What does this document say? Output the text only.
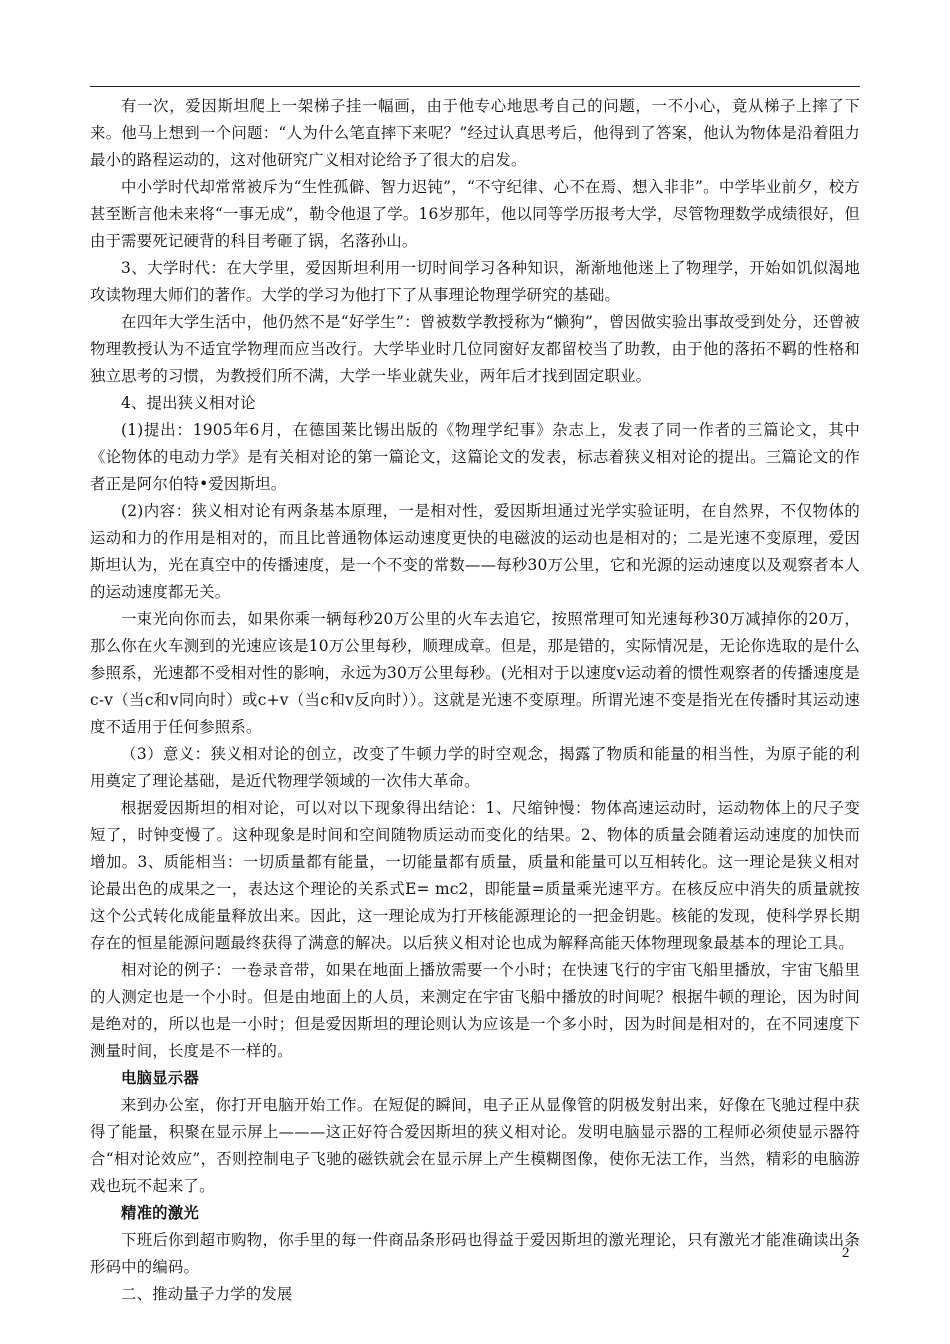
有一次，爱因斯坦爬上一架梯子挂一幅画，由于他专心地思考自己的问题，一不小心，竟从梯子上摔了下来。他马上想到一个问题：“人为什么笔直摔下来呢？”经过认真思考后，他得到了答案，他认为物体是沿着阻力最小的路程运动的，这对他研究广义相对论给予了很大的启发。

中小学时代却常常被斥为“生性孤僻、智力迟钝”，“不守纪律、心不在焉、想入非非”。中学毕业前夕，校方甚至断言他未来将“一事无成”，勒令他退了学。16岁那年，他以同等学历报考大学，尽管物理数学成绩很好，但由于需要死记硬背的科目考砸了锅，名落孙山。

3、大学时代：在大学里，爱因斯坦利用一切时间学习各种知识，渐渐地他迷上了物理学，开始如饥似渴地攻读物理大师们的著作。大学的学习为他打下了从事理论物理学研究的基础。

在四年大学生活中，他仍然不是“好学生”：曾被数学教授称为“懒狗”，曾因做实验出事故受到处分，还曾被物理教授认为不适宜学物理而应当改行。大学毕业时几位同窗好友都留校当了助教，由于他的落拓不羁的性格和独立思考的习惯，为教授们所不满，大学一毕业就失业，两年后才找到固定职业。

4、提出狭义相对论

(1)提出：1905年6月，在德国莱比锡出版的《物理学纪事》杂志上，发表了同一作者的三篇论文，其中《论物体的电动力学》是有关相对论的第一篇论文，这篇论文的发表，标志着狭义相对论的提出。三篇论文的作者正是阿尔伯特•爱因斯坦。

(2)内容：狭义相对论有两条基本原理，一是相对性，爱因斯坦通过光学实验证明，在自然界，不仅物体的运动和力的作用是相对的，而且比普通物体运动速度更快的电磁波的运动也是相对的；二是光速不变原理，爱因斯坦认为，光在真空中的传播速度，是一个不变的常数——每秒30万公里，它和光源的运动速度以及观察者本人的运动速度都无关。

一束光向你而去，如果你乘一辆每秒20万公里的火车去追它，按照常理可知光速每秒30万减掉你的20万，那么你在火车测到的光速应该是10万公里每秒，顺理成章。但是，那是错的，实际情况是，无论你选取的是什么参照系，光速都不受相对性的影响，永远为30万公里每秒。(光相对于以速度v运动着的惯性观察者的传播速度是c-v（当c和v同向时）或c+v（当c和v反向时））。这就是光速不变原理。所谓光速不变是指光在传播时其运动速度不适用于任何参照系。

（3）意义：狭义相对论的创立，改变了牛顿力学的时空观念，揭露了物质和能量的相当性，为原子能的利用奠定了理论基础，是近代物理学领域的一次伟大革命。

根据爱因斯坦的相对论，可以对以下现象得出结论：1、尺缩钟慢：物体高速运动时，运动物体上的尺子变短了，时钟变慢了。这种现象是时间和空间随物质运动而变化的结果。2、物体的质量会随着运动速度的加快而增加。3、质能相当：一切质量都有能量，一切能量都有质量，质量和能量可以互相转化。这一理论是狭义相对论最出色的成果之一，表达这个理论的关系式E= mc2，即能量=质量乘光速平方。在核反应中消失的质量就按这个公式转化成能量释放出来。因此，这一理论成为打开核能源理论的一把金钥匙。核能的发现，使科学界长期存在的恒星能源问题最终获得了满意的解决。以后狭义相对论也成为解释高能天体物理现象最基本的理论工具。

相对论的例子：一卷录音带，如果在地面上播放需要一个小时；在快速飞行的宇宙飞船里播放，宇宙飞船里的人测定也是一个小时。但是由地面上的人员，来测定在宇宙飞船中播放的时间呢？根据牛顿的理论，因为时间是绝对的，所以也是一小时；但是爱因斯坦的理论则认为应该是一个多小时，因为时间是相对的，在不同速度下测量时间，长度是不一样的。

电脑显示器

来到办公室，你打开电脑开始工作。在短促的瞬间，电子正从显像管的阴极发射出来，好像在飞驰过程中获得了能量，积聚在显示屏上———这正好符合爱因斯坦的狭义相对论。发明电脑显示器的工程师必须使显示器符合“相对论效应”，否则控制电子飞驰的磁铁就会在显示屏上产生模糊图像，使你无法工作，当然，精彩的电脑游戏也玩不起来了。

精准的激光

下班后你到超市购物，你手里的每一件商品条形码也得益于爱因斯坦的激光理论，只有激光才能准确读出条形码中的编码。

二、推动量子力学的发展

2
